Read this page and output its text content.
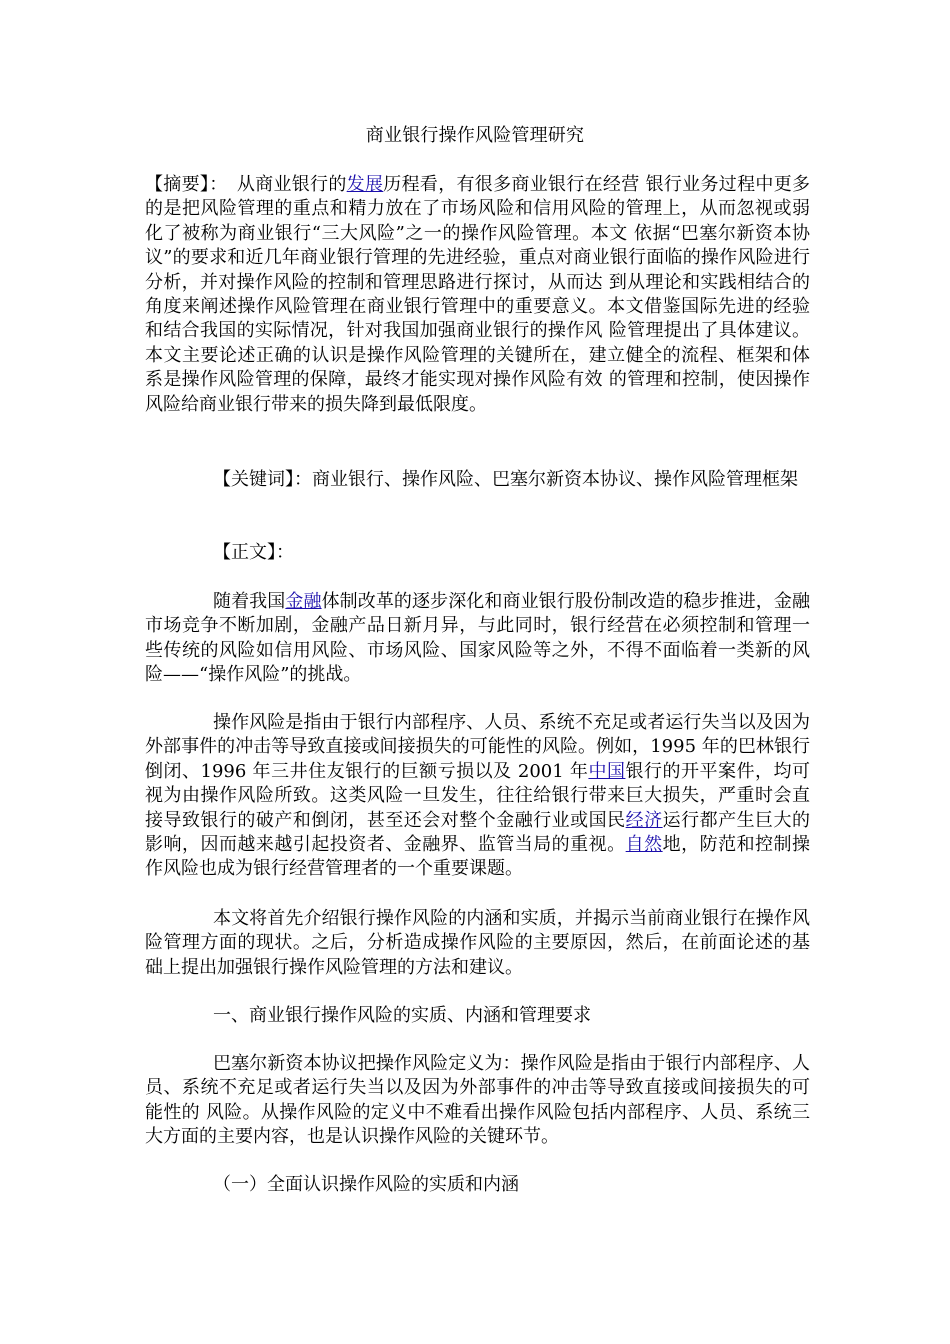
商业银行操作风险管理研究

【摘要】：　从商业银行的发展历程看，有很多商业银行在经营 银行业务过程中更多的是把风险管理的重点和精力放在了市场风险和信用风险的管理上，从而忽视或弱化了被称为商业银行“三大风险”之一的操作风险管理。本文 依据“巴塞尔新资本协议”的要求和近几年商业银行管理的先进经验，重点对商业银行面临的操作风险进行分析，并对操作风险的控制和管理思路进行探讨，从而达 到从理论和实践相结合的角度来阐述操作风险管理在商业银行管理中的重要意义。本文借鉴国际先进的经验和结合我国的实际情况，针对我国加强商业银行的操作风 险管理提出了具体建议。本文主要论述正确的认识是操作风险管理的关键所在，建立健全的流程、框架和体系是操作风险管理的保障，最终才能实现对操作风险有效 的管理和控制，使因操作风险给商业银行带来的损失降到最低限度。

【关键词】：商业银行、操作风险、巴塞尔新资本协议、操作风险管理框架

【正文】：

随着我国金融体制改革的逐步深化和商业银行股份制改造的稳步推进，金融市场竞争不断加剧，金融产品日新月异，与此同时，银行经营在必须控制和管理一些传统的风险如信用风险、市场风险、国家风险等之外，不得不面临着一类新的风险——“操作风险”的挑战。

操作风险是指由于银行内部程序、人员、系统不充足或者运行失当以及因为外部事件的冲击等导致直接或间接损失的可能性的风险。例如，1995 年的巴林银行倒闭、1996 年三井住友银行的巨额亏损以及 2001 年中国银行的开平案件，均可视为由操作风险所致。这类风险一旦发生，往往给银行带来巨大损失，严重时会直接导致银行的破产和倒闭，甚至还会对整个金融行业或国民经济运行都产生巨大的影响，因而越来越引起投资者、金融界、监管当局的重视。自然地，防范和控制操作风险也成为银行经营管理者的一个重要课题。

本文将首先介绍银行操作风险的内涵和实质，并揭示当前商业银行在操作风险管理方面的现状。之后，分析造成操作风险的主要原因，然后，在前面论述的基础上提出加强银行操作风险管理的方法和建议。

一、商业银行操作风险的实质、内涵和管理要求

巴塞尔新资本协议把操作风险定义为：操作风险是指由于银行内部程序、人员、系统不充足或者运行失当以及因为外部事件的冲击等导致直接或间接损失的可能性的 风险。从操作风险的定义中不难看出操作风险包括内部程序、人员、系统三大方面的主要内容，也是认识操作风险的关键环节。

（一）全面认识操作风险的实质和内涵
